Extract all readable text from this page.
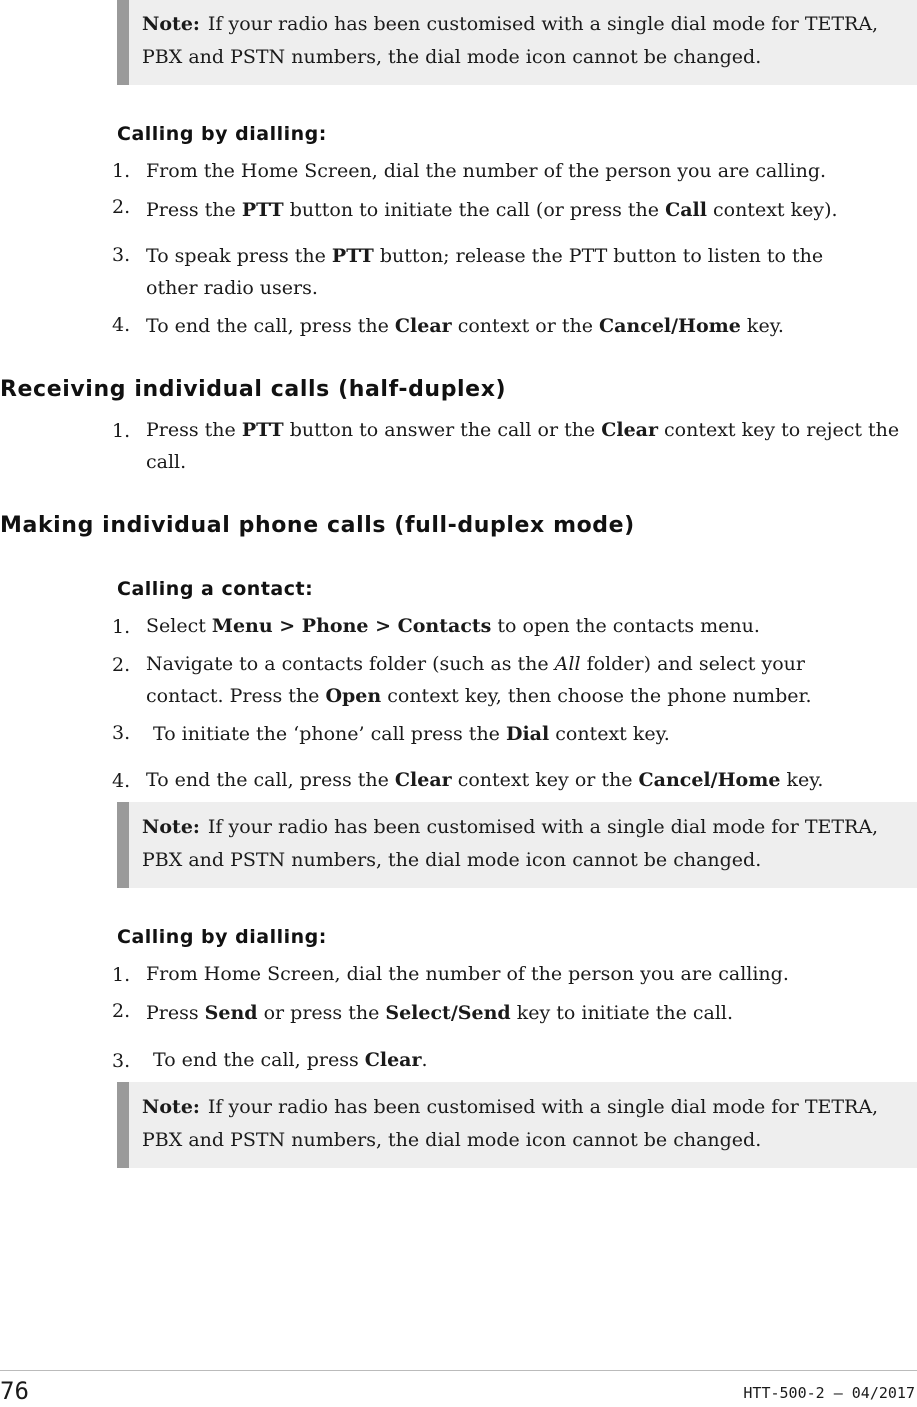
Note: If your radio has been customised with a single dial mode for TETRA, PBX and PSTN numbers, the dial mode icon cannot be changed.
Calling by dialling:
1. From the Home Screen, dial the number of the person you are calling.
2. Press the PTT button to initiate the call (or press the Call context key).
3. To speak press the PTT button; release the PTT button to listen to the other radio users.
4. To end the call, press the Clear context or the Cancel/Home key.
Receiving individual calls (half-duplex)
1. Press the PTT button to answer the call or the Clear context key to reject the call.
Making individual phone calls (full-duplex mode)
Calling a contact:
1. Select Menu > Phone > Contacts to open the contacts menu.
2. Navigate to a contacts folder (such as the All folder) and select your contact. Press the Open context key, then choose the phone number.
3. To initiate the ‘phone’ call press the Dial context key.
4. To end the call, press the Clear context key or the Cancel/Home key.
Note: If your radio has been customised with a single dial mode for TETRA, PBX and PSTN numbers, the dial mode icon cannot be changed.
Calling by dialling:
1. From Home Screen, dial the number of the person you are calling.
2. Press Send or press the Select/Send key to initiate the call.
3. To end the call, press Clear.
Note: If your radio has been customised with a single dial mode for TETRA, PBX and PSTN numbers, the dial mode icon cannot be changed.
76	HTT-500-2 – 04/2017
